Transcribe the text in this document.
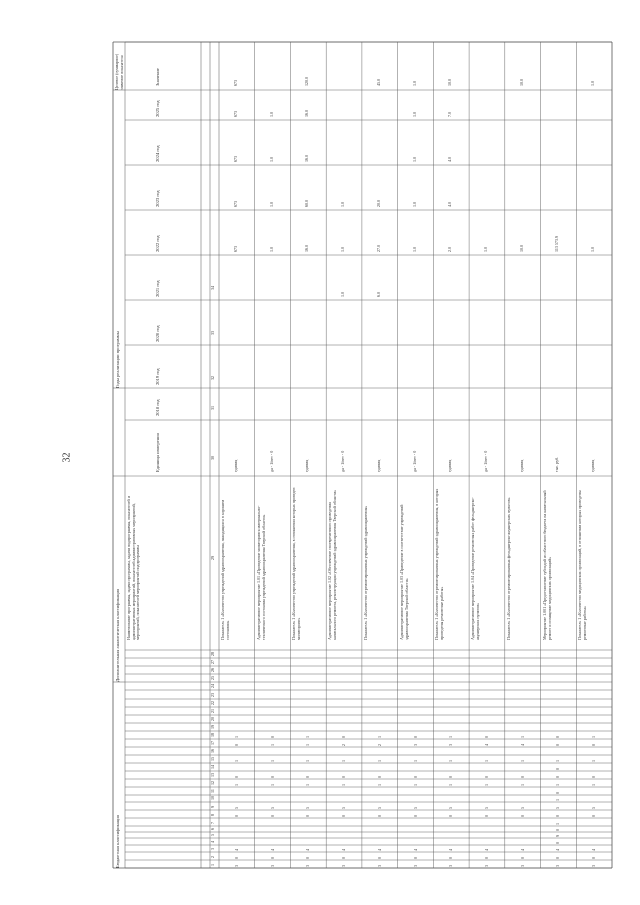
32
Бюджетная классификация
Дополнительная аналитическая классификация
Годы реализации программы
Целевое (суммарное) значение показателя
Наименование программы, задачи программы, задачи подпрограммы, показателей и административных мероприятий, показателей административных мероприятий, мероприятий, показателей мероприятий подпрограммы
Единица измерения
2018 год
2019 год
2020 год
2021 год
2022 год
2023 год
2024 год
2025 год
Значение
1
2
3
4
5
6
7
8
9
10
11
12
13
14
15
16
17
18
19
20
21
22
23
24
25
26
27
28
29
30
31
32
33
34
Показатель 1 «Количество учреждений здравоохранения, находящихся в хорошем состоянии»
единиц
673
673
673
673
673
3
0
4
0
5
1
0
1
0
1
Административное мероприятие 1.01 «Проведение мониторинга материально-технического состояния учреждений здравоохранения Тверской области»
да - 1/нет - 0
1.0
1.0
1.0
1.0
3
0
4
0
5
1
0
1
1
0
Показатель 1 «Количество учреждений здравоохранения, в отношении которых проведен мониторинг»
единиц
16.0
60.0
16.0
16.0
120.0
3
0
4
0
5
1
0
1
1
1
Административное мероприятие 1.02 «Обеспечение своевременного проведения капитального ремонта, реконструкции учреждений здравоохранения Тверской области»
да - 1/нет - 0
1.0
1.0
1.0
3
0
4
0
5
1
0
1
2
0
Показатель 1 «Количество отремонтированных учреждений здравоохранения»
единиц
6.0
27.0
20.0
45.0
3
0
4
0
5
1
0
1
2
1
Административное мероприятие 1.03 «Приведение в соответствие учреждений здравоохранения Тверской области»
да - 1/нет - 0
1.0
1.0
1.0
1.0
1.0
3
0
4
0
5
1
0
1
3
0
Показатель 1 «Количество отремонтированных учреждений здравоохранения, в которых проведены ремонтные работы»
единиц
2.0
4.0
4.0
7.0
10.0
3
0
4
0
5
1
0
1
3
1
Административное мероприятие 1.04 «Проведение ремонтных работ фельдшерско-акушерских пунктов»
да - 1/нет - 0
1.0
3
0
4
0
5
1
0
1
4
0
Показатель 1 «Количество отремонтированных фельдшерско-акушерских пунктов»
единиц
10.0
10.0
3
0
4
0
5
1
0
1
4
1
Мероприятие 1.001 «Предоставление субсидий из областного бюджета на капитальный ремонт и оснащение медицинских организаций»
тыс. руб.
113 573.9
3
0
4
0
9
0
1
0
5
1
0
1
0
0
1
0
0
Показатель 1 «Количество медицинских организаций, в отношении которых проведены ремонтные работы»
единиц
1.0
1.0
3
0
4
0
5
1
0
1
0
1
